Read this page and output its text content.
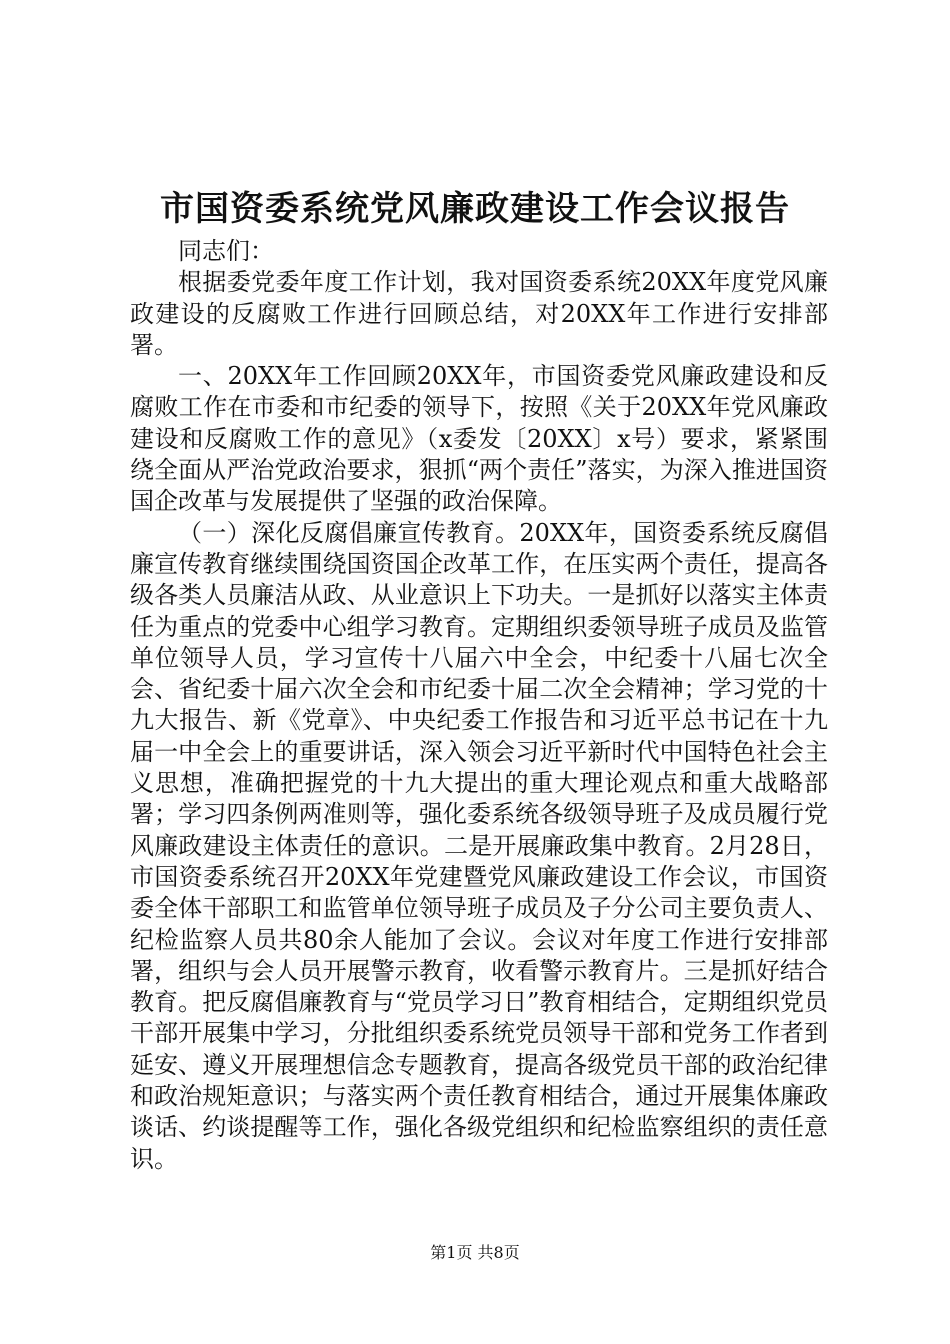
市国资委系统党风廉政建设工作会议报告

同志们：

根据委党委年度工作计划，我对国资委系统20XX年度党风廉政建设的反腐败工作进行回顾总结，对20XX年工作进行安排部署。

一、20XX年工作回顾20XX年，市国资委党风廉政建设和反腐败工作在市委和市纪委的领导下，按照《关于20XX年党风廉政建设和反腐败工作的意见》（x委发〔20XX〕x号）要求，紧紧围绕全面从严治党政治要求，狠抓“两个责任”落实，为深入推进国资国企改革与发展提供了坚强的政治保障。

（一）深化反腐倡廉宣传教育。20XX年，国资委系统反腐倡廉宣传教育继续围绕国资国企改革工作，在压实两个责任，提高各级各类人员廉洁从政、从业意识上下功夫。一是抓好以落实主体责任为重点的党委中心组学习教育。定期组织委领导班子成员及监管单位领导人员，学习宣传十八届六中全会，中纪委十八届七次全会、省纪委十届六次全会和市纪委十届二次全会精神；学习党的十九大报告、新《党章》、中央纪委工作报告和习近平总书记在十九届一中全会上的重要讲话，深入领会习近平新时代中国特色社会主义思想，准确把握党的十九大提出的重大理论观点和重大战略部署；学习四条例两准则等，强化委系统各级领导班子及成员履行党风廉政建设主体责任的意识。二是开展廉政集中教育。2月28日，市国资委系统召开20XX年党建暨党风廉政建设工作会议，市国资委全体干部职工和监管单位领导班子成员及子分公司主要负责人、纪检监察人员共80余人能加了会议。会议对年度工作进行安排部署，组织与会人员开展警示教育，收看警示教育片。三是抓好结合教育。把反腐倡廉教育与“党员学习日”教育相结合，定期组织党员干部开展集中学习，分批组织委系统党员领导干部和党务工作者到延安、遵义开展理想信念专题教育，提高各级党员干部的政治纪律和政治规矩意识；与落实两个责任教育相结合，通过开展集体廉政谈话、约谈提醒等工作，强化各级党组织和纪检监察组织的责任意识。

第1页 共8页
